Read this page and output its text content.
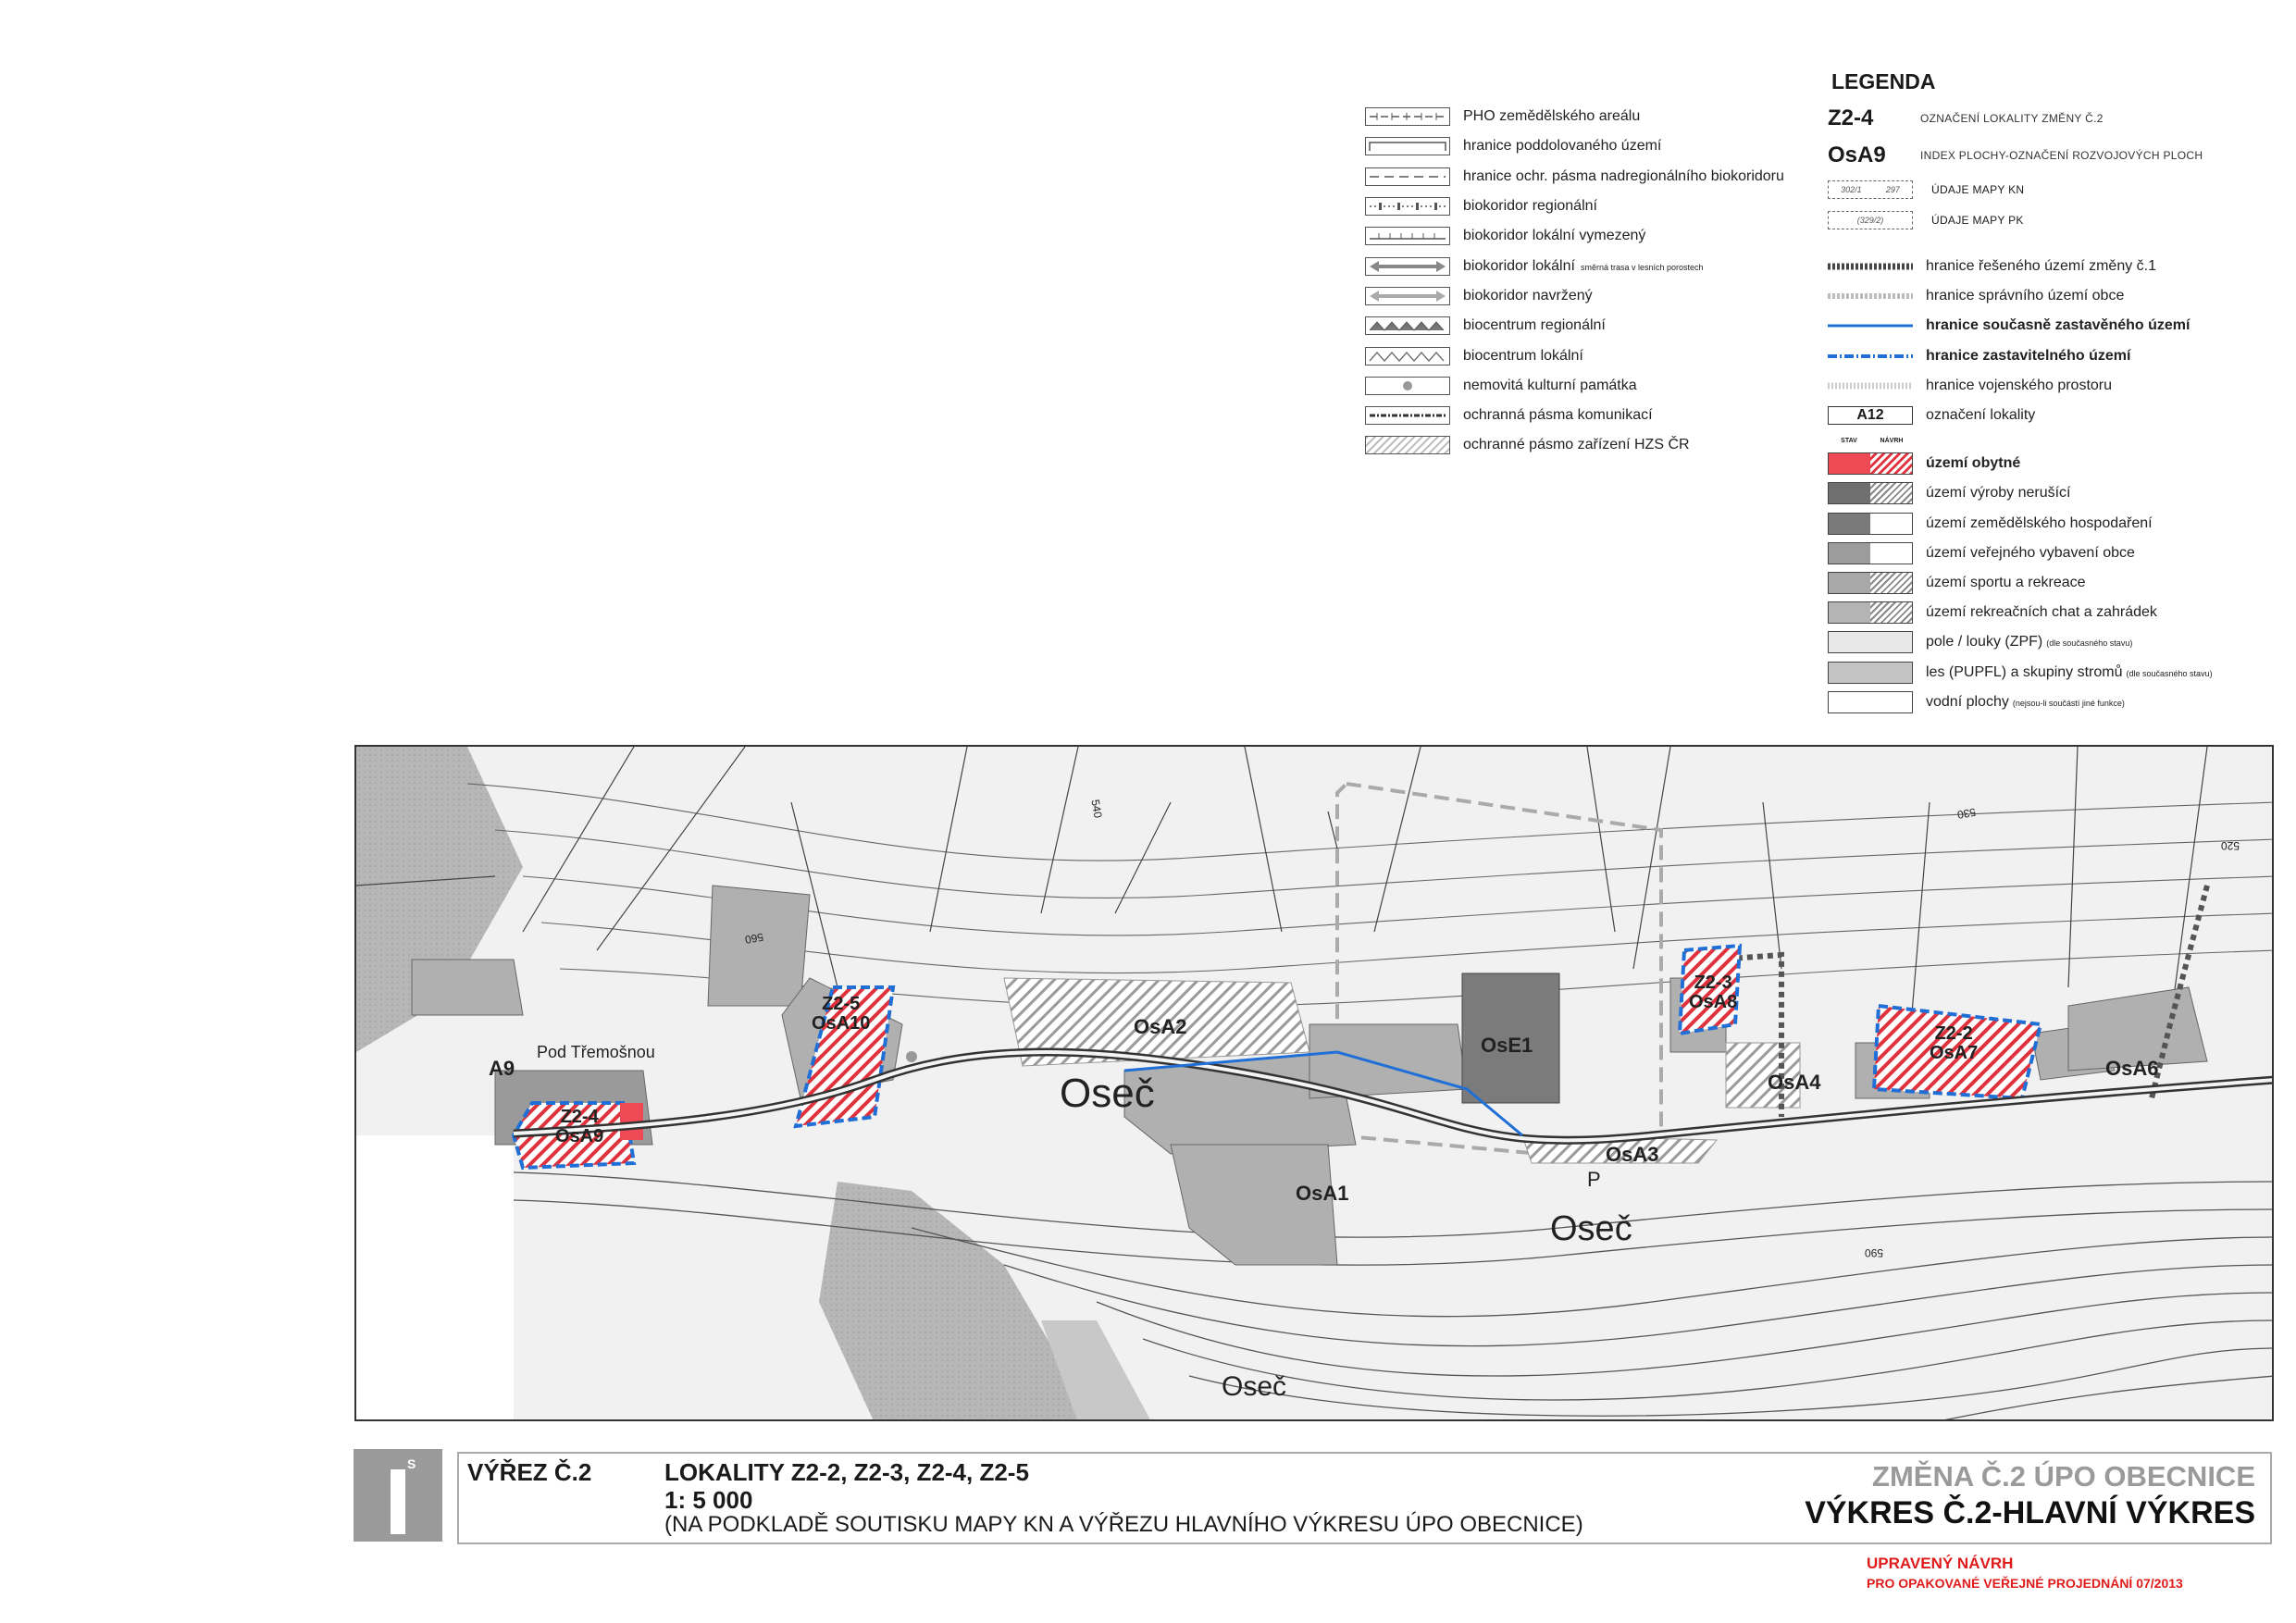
PHO zemědělského areálu
hranice poddolovaného území
hranice ochr. pásma nadregionálního biokoridoru
biokoridor regionální
biokoridor lokální vymezený
biokoridor lokální směrná trasa v lesních porostech
biokoridor navržený
biocentrum regionální
biocentrum lokální
nemovitá kulturní památka
ochranná pásma komunikací
ochranné pásmo zařízení HZS ČR
LEGENDA
Z2-4	OZNAČENÍ LOKALITY ZMĚNY Č.2
OsA9	INDEX PLOCHY-OZNAČENÍ ROZVOJOVÝCH PLOCH
302/1	297	ÚDAJE MAPY KN
(329/2)	ÚDAJE MAPY PK
hranice řešeného území změny č.1
hranice správního území obce
hranice současně zastavěného území
hranice zastavitelného území
hranice vojenského prostoru
A12	označení lokality
STAV	NÁVRH
území obytné
území výroby nerušící
území zemědělského hospodaření
území veřejného vybavení obce
území sportu a rekreace
území rekreačních chat a zahrádek
pole / louky (ZPF) (dle současného stavu)
les (PUPFL) a skupiny stromů (dle současného stavu)
vodní plochy (nejsou-li součástí jiné funkce)
Oseč
Oseč
Oseč
Pod Třemošnou
A9
OsA2
OsE1
OsA4
OsA3
OsA1
OsA6
P
Z2-5
OsA10
Z2-4
OsA9
Z2-3
OsA8
Z2-2
OsA7
540
560
520
590
530
S VÝŘEZ Č.2	LOKALITY Z2-2, Z2-3, Z2-4, Z2-5
1: 5 000
(NA PODKLADĚ SOUTISKU MAPY KN A VÝŘEZU HLAVNÍHO VÝKRESU ÚPO OBECNICE)
ZMĚNA Č.2 ÚPO OBECNICE
VÝKRES Č.2-HLAVNÍ VÝKRES
UPRAVENÝ NÁVRH
PRO OPAKOVANÉ VEŘEJNÉ PROJEDNÁNÍ 07/2013
